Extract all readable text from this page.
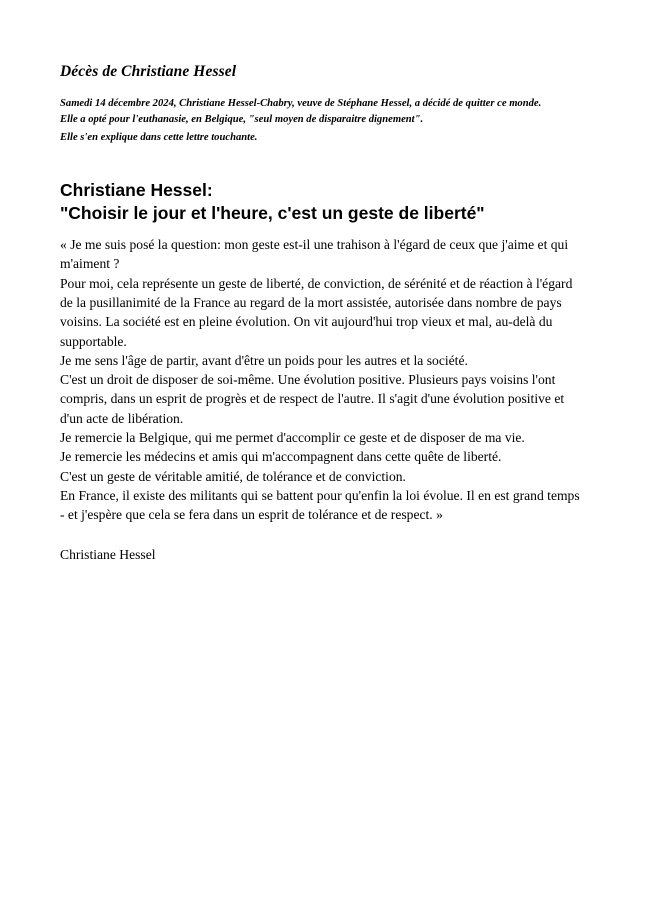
Décès de Christiane Hessel

Samedi 14 décembre 2024, Christiane Hessel-Chabry, veuve de Stéphane Hessel, a décidé de quitter ce monde. Elle a opté pour l'euthanasie, en Belgique, "seul moyen de disparaitre dignement".

Elle s'en explique dans cette lettre touchante.

Christiane Hessel:
"Choisir le jour et l'heure, c'est un geste de liberté"

« Je me suis posé la question: mon geste est-il une trahison à l'égard de ceux que j'aime et qui m'aiment ?

Pour moi, cela représente un geste de liberté, de conviction, de sérénité et de réaction à l'égard de la pusillanimité de la France au regard de la mort assistée, autorisée dans nombre de pays voisins. La société est en pleine évolution. On vit aujourd'hui trop vieux et mal, au-delà du supportable.

Je me sens l'âge de partir, avant d'être un poids pour les autres et la société.

C'est un droit de disposer de soi-même. Une évolution positive. Plusieurs pays voisins l'ont compris, dans un esprit de progrès et de respect de l'autre. Il s'agit d'une évolution positive et d'un acte de libération.

Je remercie la Belgique, qui me permet d'accomplir ce geste et de disposer de ma vie.

Je remercie les médecins et amis qui m'accompagnent dans cette quête de liberté.

C'est un geste de véritable amitié, de tolérance et de conviction.

En France, il existe des militants qui se battent pour qu'enfin la loi évolue. Il en est grand temps - et j'espère que cela se fera dans un esprit de tolérance et de respect. »

Christiane Hessel
